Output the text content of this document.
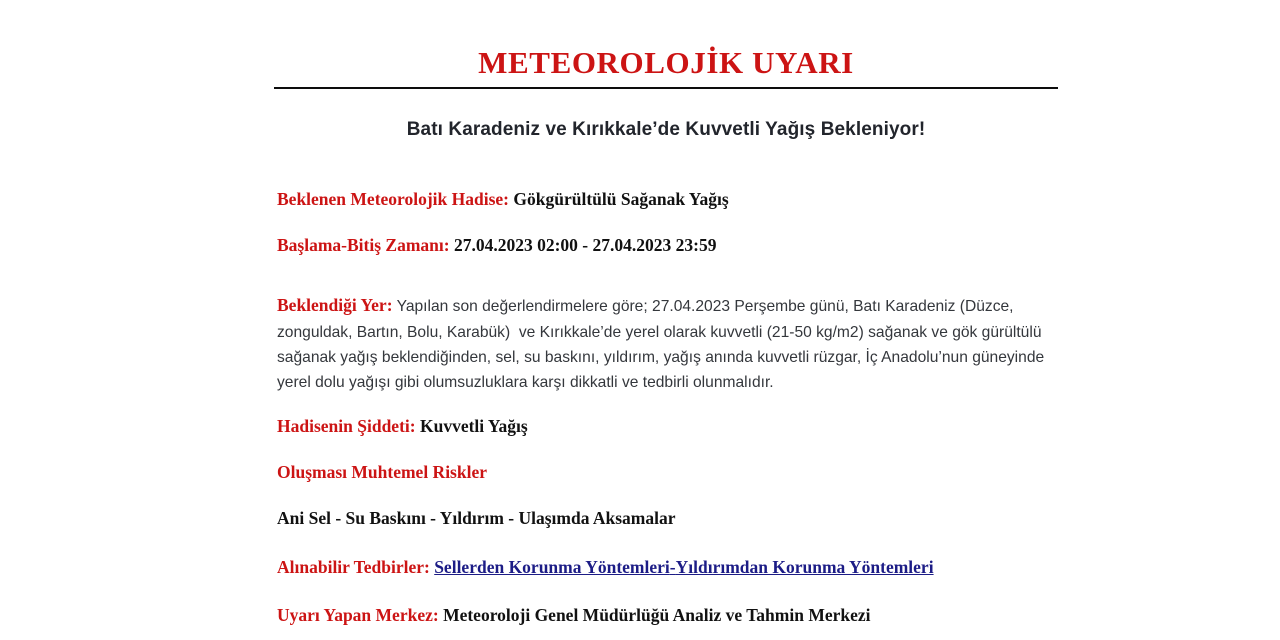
METEOROLOJİK UYARI
Batı Karadeniz ve Kırıkkale’de Kuvvetli Yağış Bekleniyor!

Beklenen Meteorolojik Hadise: Gökgürültülü Sağanak Yağış

Başlama-Bitiş Zamanı: 27.04.2023 02:00 - 27.04.2023 23:59

Beklendiği Yer: Yapılan son değerlendirmelere göre; 27.04.2023 Perşembe günü, Batı Karadeniz (Düzce, zonguldak, Bartın, Bolu, Karabük)  ve Kırıkkale’de yerel olarak kuvvetli (21-50 kg/m2) sağanak ve gök gürültülü sağanak yağış beklendiğinden, sel, su baskını, yıldırım, yağış anında kuvvetli rüzgar, İç Anadolu’nun güneyinde yerel dolu yağışı gibi olumsuzluklara karşı dikkatli ve tedbirli olunmalıdır.

Hadisenin Şiddeti: Kuvvetli Yağış

Oluşması Muhtemel Riskler

Ani Sel - Su Baskını - Yıldırım - Ulaşımda Aksamalar

Alınabilir Tedbirler: Sellerden Korunma Yöntemleri-Yıldırımdan Korunma Yöntemleri

Uyarı Yapan Merkez: Meteoroloji Genel Müdürlüğü Analiz ve Tahmin Merkezi
